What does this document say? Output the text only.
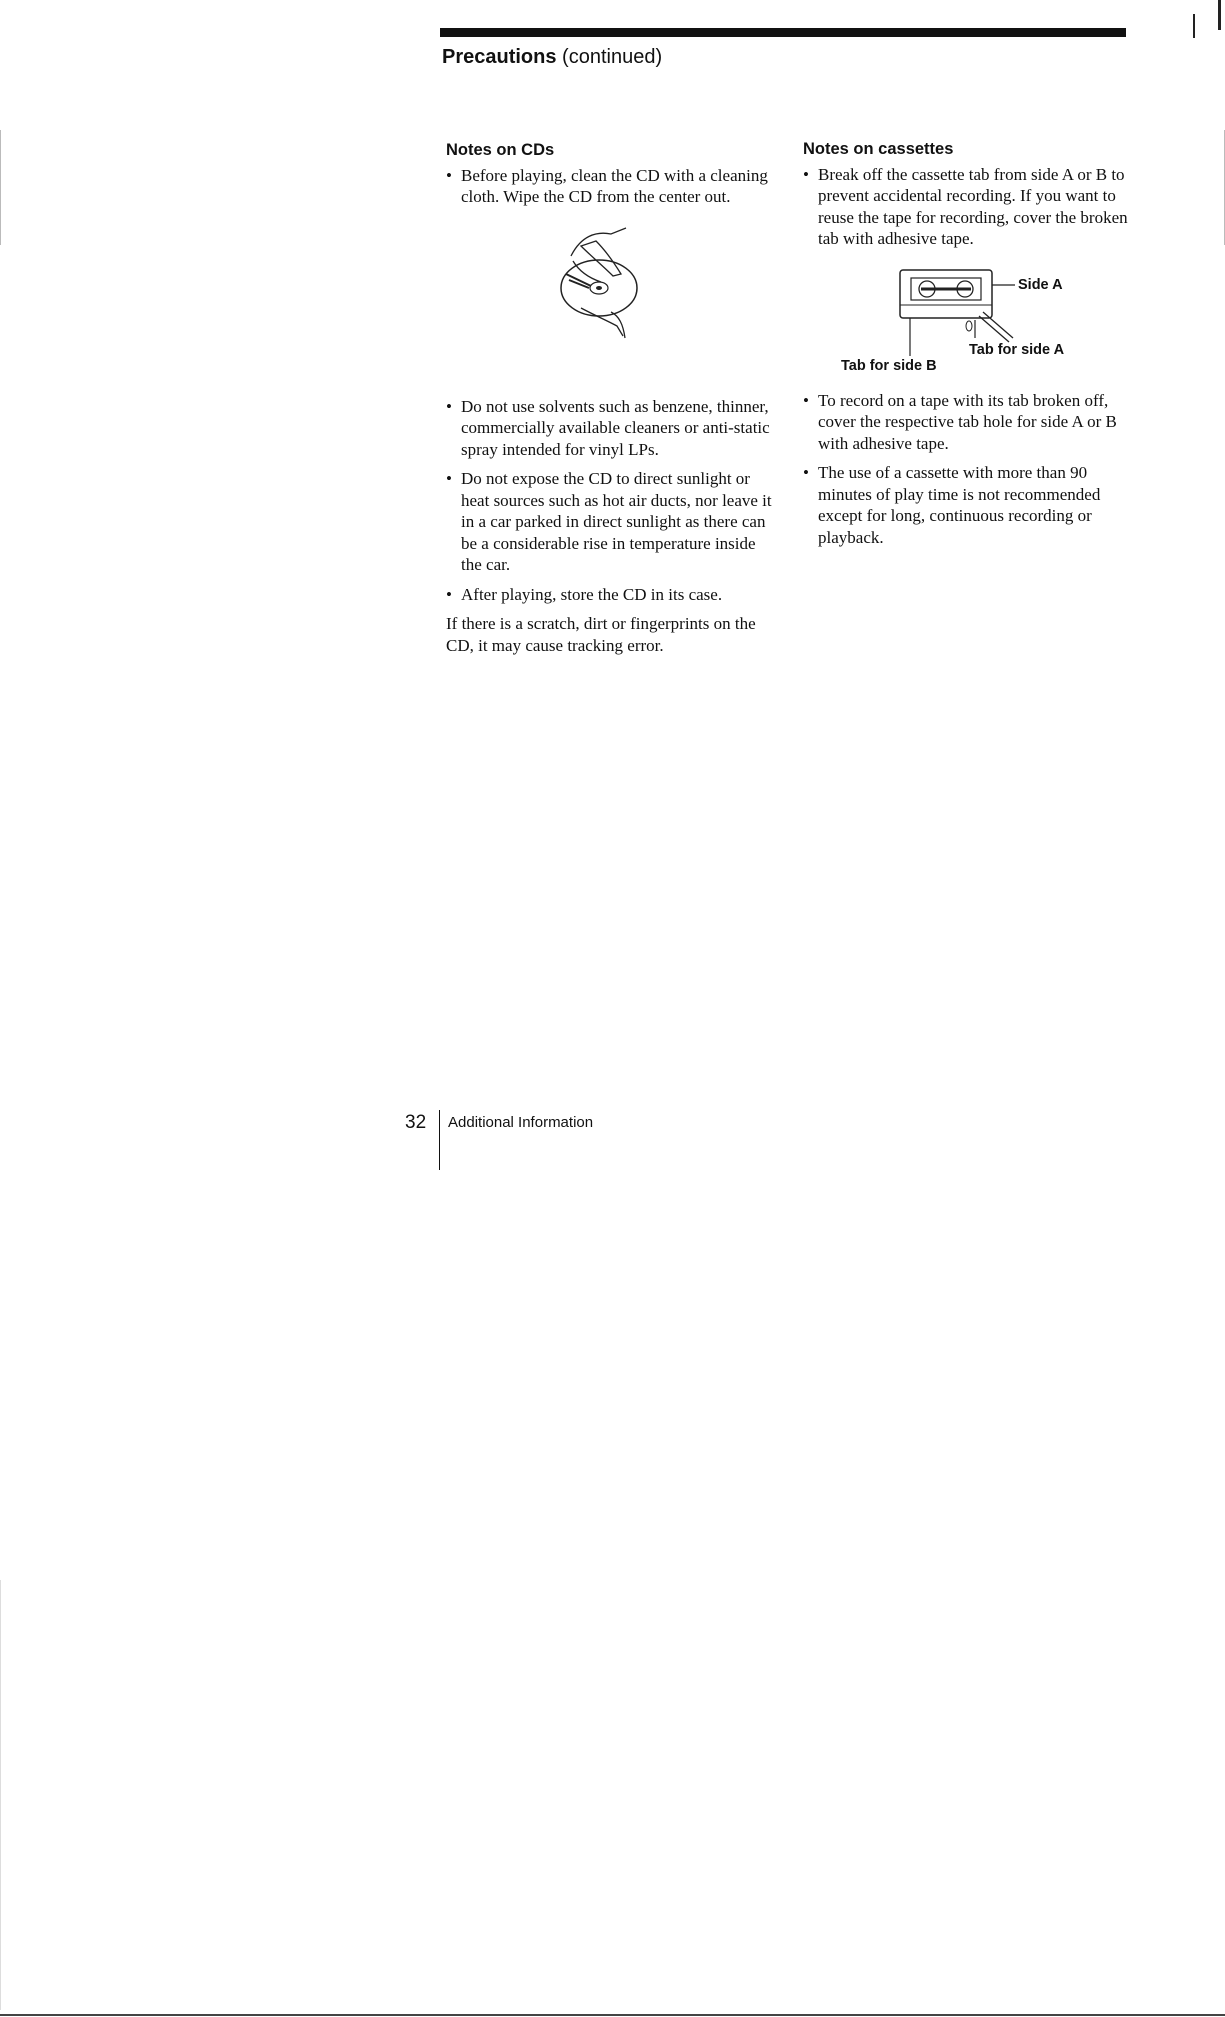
Precautions (continued)
Notes on CDs
• Before playing, clean the CD with a cleaning cloth. Wipe the CD from the center out.
• Do not use solvents such as benzene, thinner, commercially available cleaners or anti-static spray intended for vinyl LPs.
• Do not expose the CD to direct sunlight or heat sources such as hot air ducts, nor leave it in a car parked in direct sunlight as there can be a considerable rise in temperature inside the car.
• After playing, store the CD in its case.

If there is a scratch, dirt or fingerprints on the CD, it may cause tracking error.

Notes on cassettes
• Break off the cassette tab from side A or B to prevent accidental recording. If you want to reuse the tape for recording, cover the broken tab with adhesive tape.
Side A
Tab for side A
Tab for side B
• To record on a tape with its tab broken off, cover the respective tab hole for side A or B with adhesive tape.
• The use of a cassette with more than 90 minutes of play time is not recommended except for long, continuous recording or playback.
32 Additional Information
